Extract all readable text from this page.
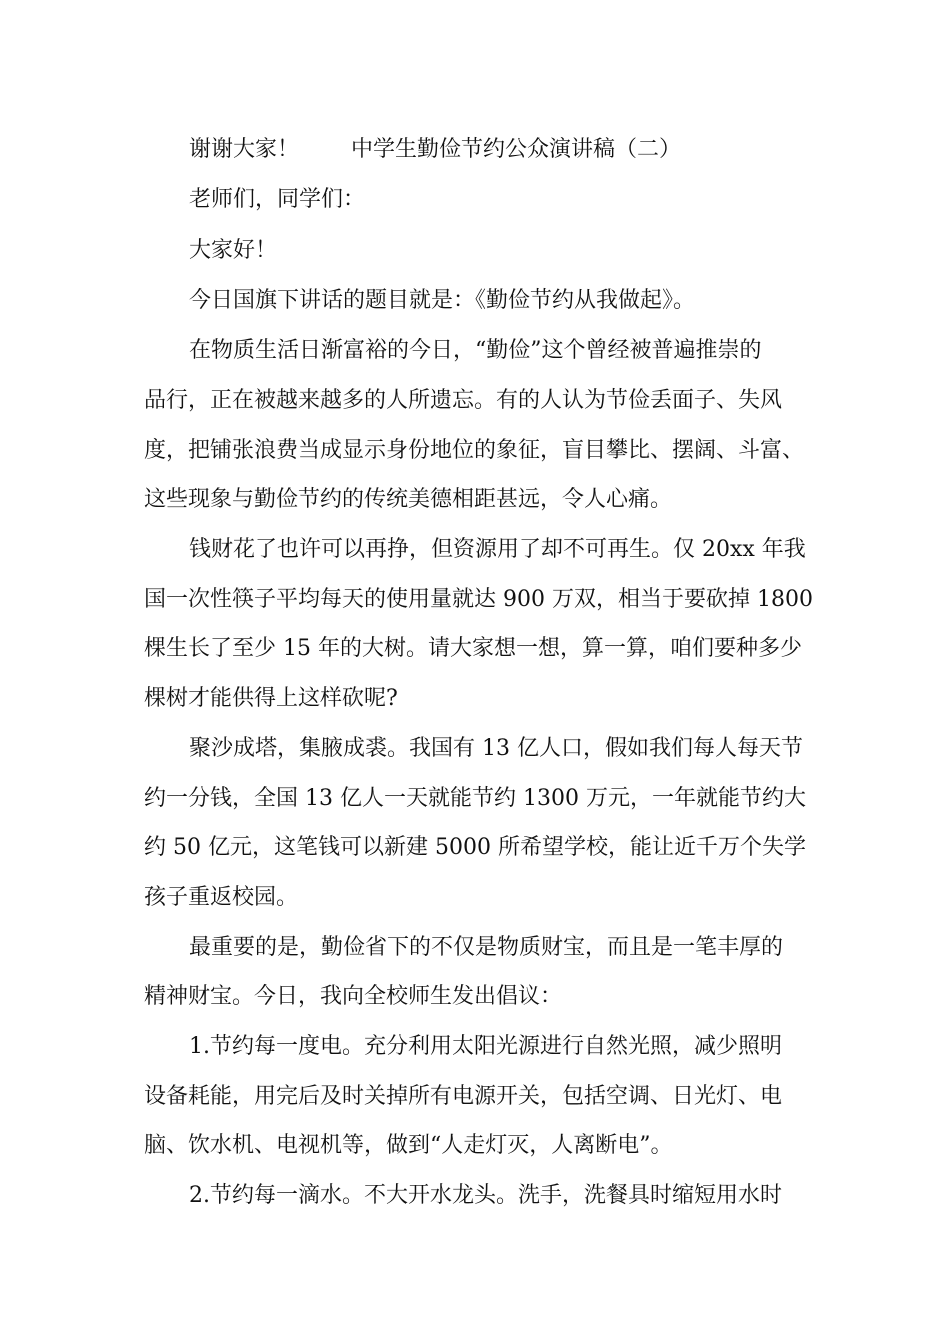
谢谢大家！ 中学生勤俭节约公众演讲稿（二）
老师们，同学们：
大家好！
今日国旗下讲话的题目就是：《勤俭节约从我做起》。
在物质生活日渐富裕的今日，“勤俭”这个曾经被普遍推崇的
品行，正在被越来越多的人所遗忘。有的人认为节俭丢面子、失风
度，把铺张浪费当成显示身份地位的象征，盲目攀比、摆阔、斗富、
这些现象与勤俭节约的传统美德相距甚远，令人心痛。
钱财花了也许可以再挣，但资源用了却不可再生。仅 20xx 年我
国一次性筷子平均每天的使用量就达 900 万双，相当于要砍掉 1800
棵生长了至少 15 年的大树。请大家想一想，算一算，咱们要种多少
棵树才能供得上这样砍呢?
聚沙成塔，集腋成裘。我国有 13 亿人口，假如我们每人每天节
约一分钱，全国 13 亿人一天就能节约 1300 万元，一年就能节约大
约 50 亿元，这笔钱可以新建 5000 所希望学校，能让近千万个失学
孩子重返校园。
最重要的是，勤俭省下的不仅是物质财宝，而且是一笔丰厚的
精神财宝。今日，我向全校师生发出倡议：
1.节约每一度电。充分利用太阳光源进行自然光照，减少照明
设备耗能，用完后及时关掉所有电源开关，包括空调、日光灯、电
脑、饮水机、电视机等，做到“人走灯灭，人离断电”。
2.节约每一滴水。不大开水龙头。洗手，洗餐具时缩短用水时
